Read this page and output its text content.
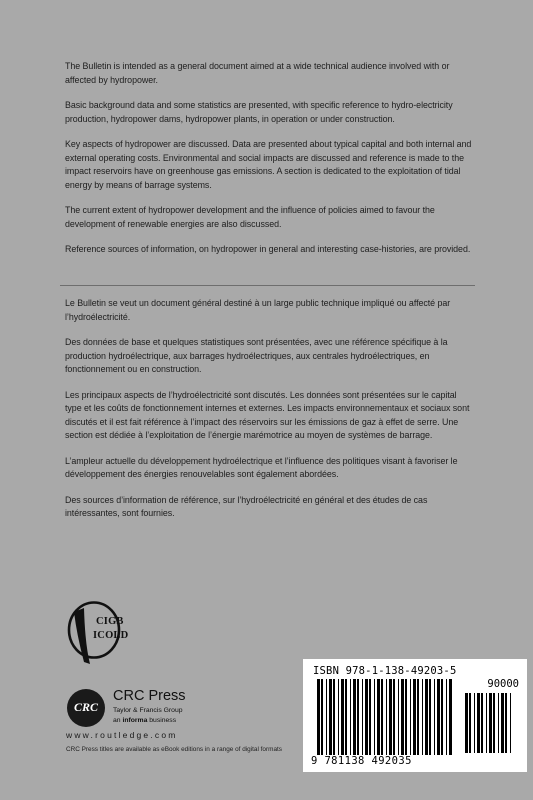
The Bulletin is intended as a general document aimed at a wide technical audience involved with or affected by hydropower.

Basic background data and some statistics are presented, with specific reference to hydro-electricity production, hydropower dams, hydropower plants, in operation or under construction.

Key aspects of hydropower are discussed. Data are presented about typical capital and both internal and external operating costs. Environmental and social impacts are discussed and reference is made to the impact reservoirs have on greenhouse gas emissions. A section is dedicated to the exploitation of tidal energy by means of barrage systems.

The current extent of hydropower development and the influence of policies aimed to favour the development of renewable energies are also discussed.

Reference sources of information, on hydropower in general and interesting case-histories, are provided.

Le Bulletin se veut un document général destiné à un large public technique impliqué ou affecté par l’hydroélectricité.

Des données de base et quelques statistiques sont présentées, avec une référence spécifique à la production hydroélectrique, aux barrages hydroélectriques, aux centrales hydroélectriques, en fonctionnement ou en construction.

Les principaux aspects de l’hydroélectricité sont discutés. Les données sont présentées sur le capital type et les coûts de fonctionnement internes et externes. Les impacts environnementaux et sociaux sont discutés et il est fait référence à l’impact des réservoirs sur les émissions de gaz à effet de serre. Une section est dédiée à l’exploitation de l’énergie marémotrice au moyen de systèmes de barrage.

L’ampleur actuelle du développement hydroélectrique et l’influence des politiques visant à favoriser le développement des énergies renouvelables sont également abordées.

Des sources d’information de référence, sur l’hydroélectricité en général et des études de cas intéressantes, sont fournies.

CIGB
ICOLD
CRC
CRC Press
Taylor & Francis Group
an informa business
www.routledge.com
CRC Press titles are available as eBook editions in a range of digital formats
ISBN 978-1-138-49203-5
90000
9 781138 492035
